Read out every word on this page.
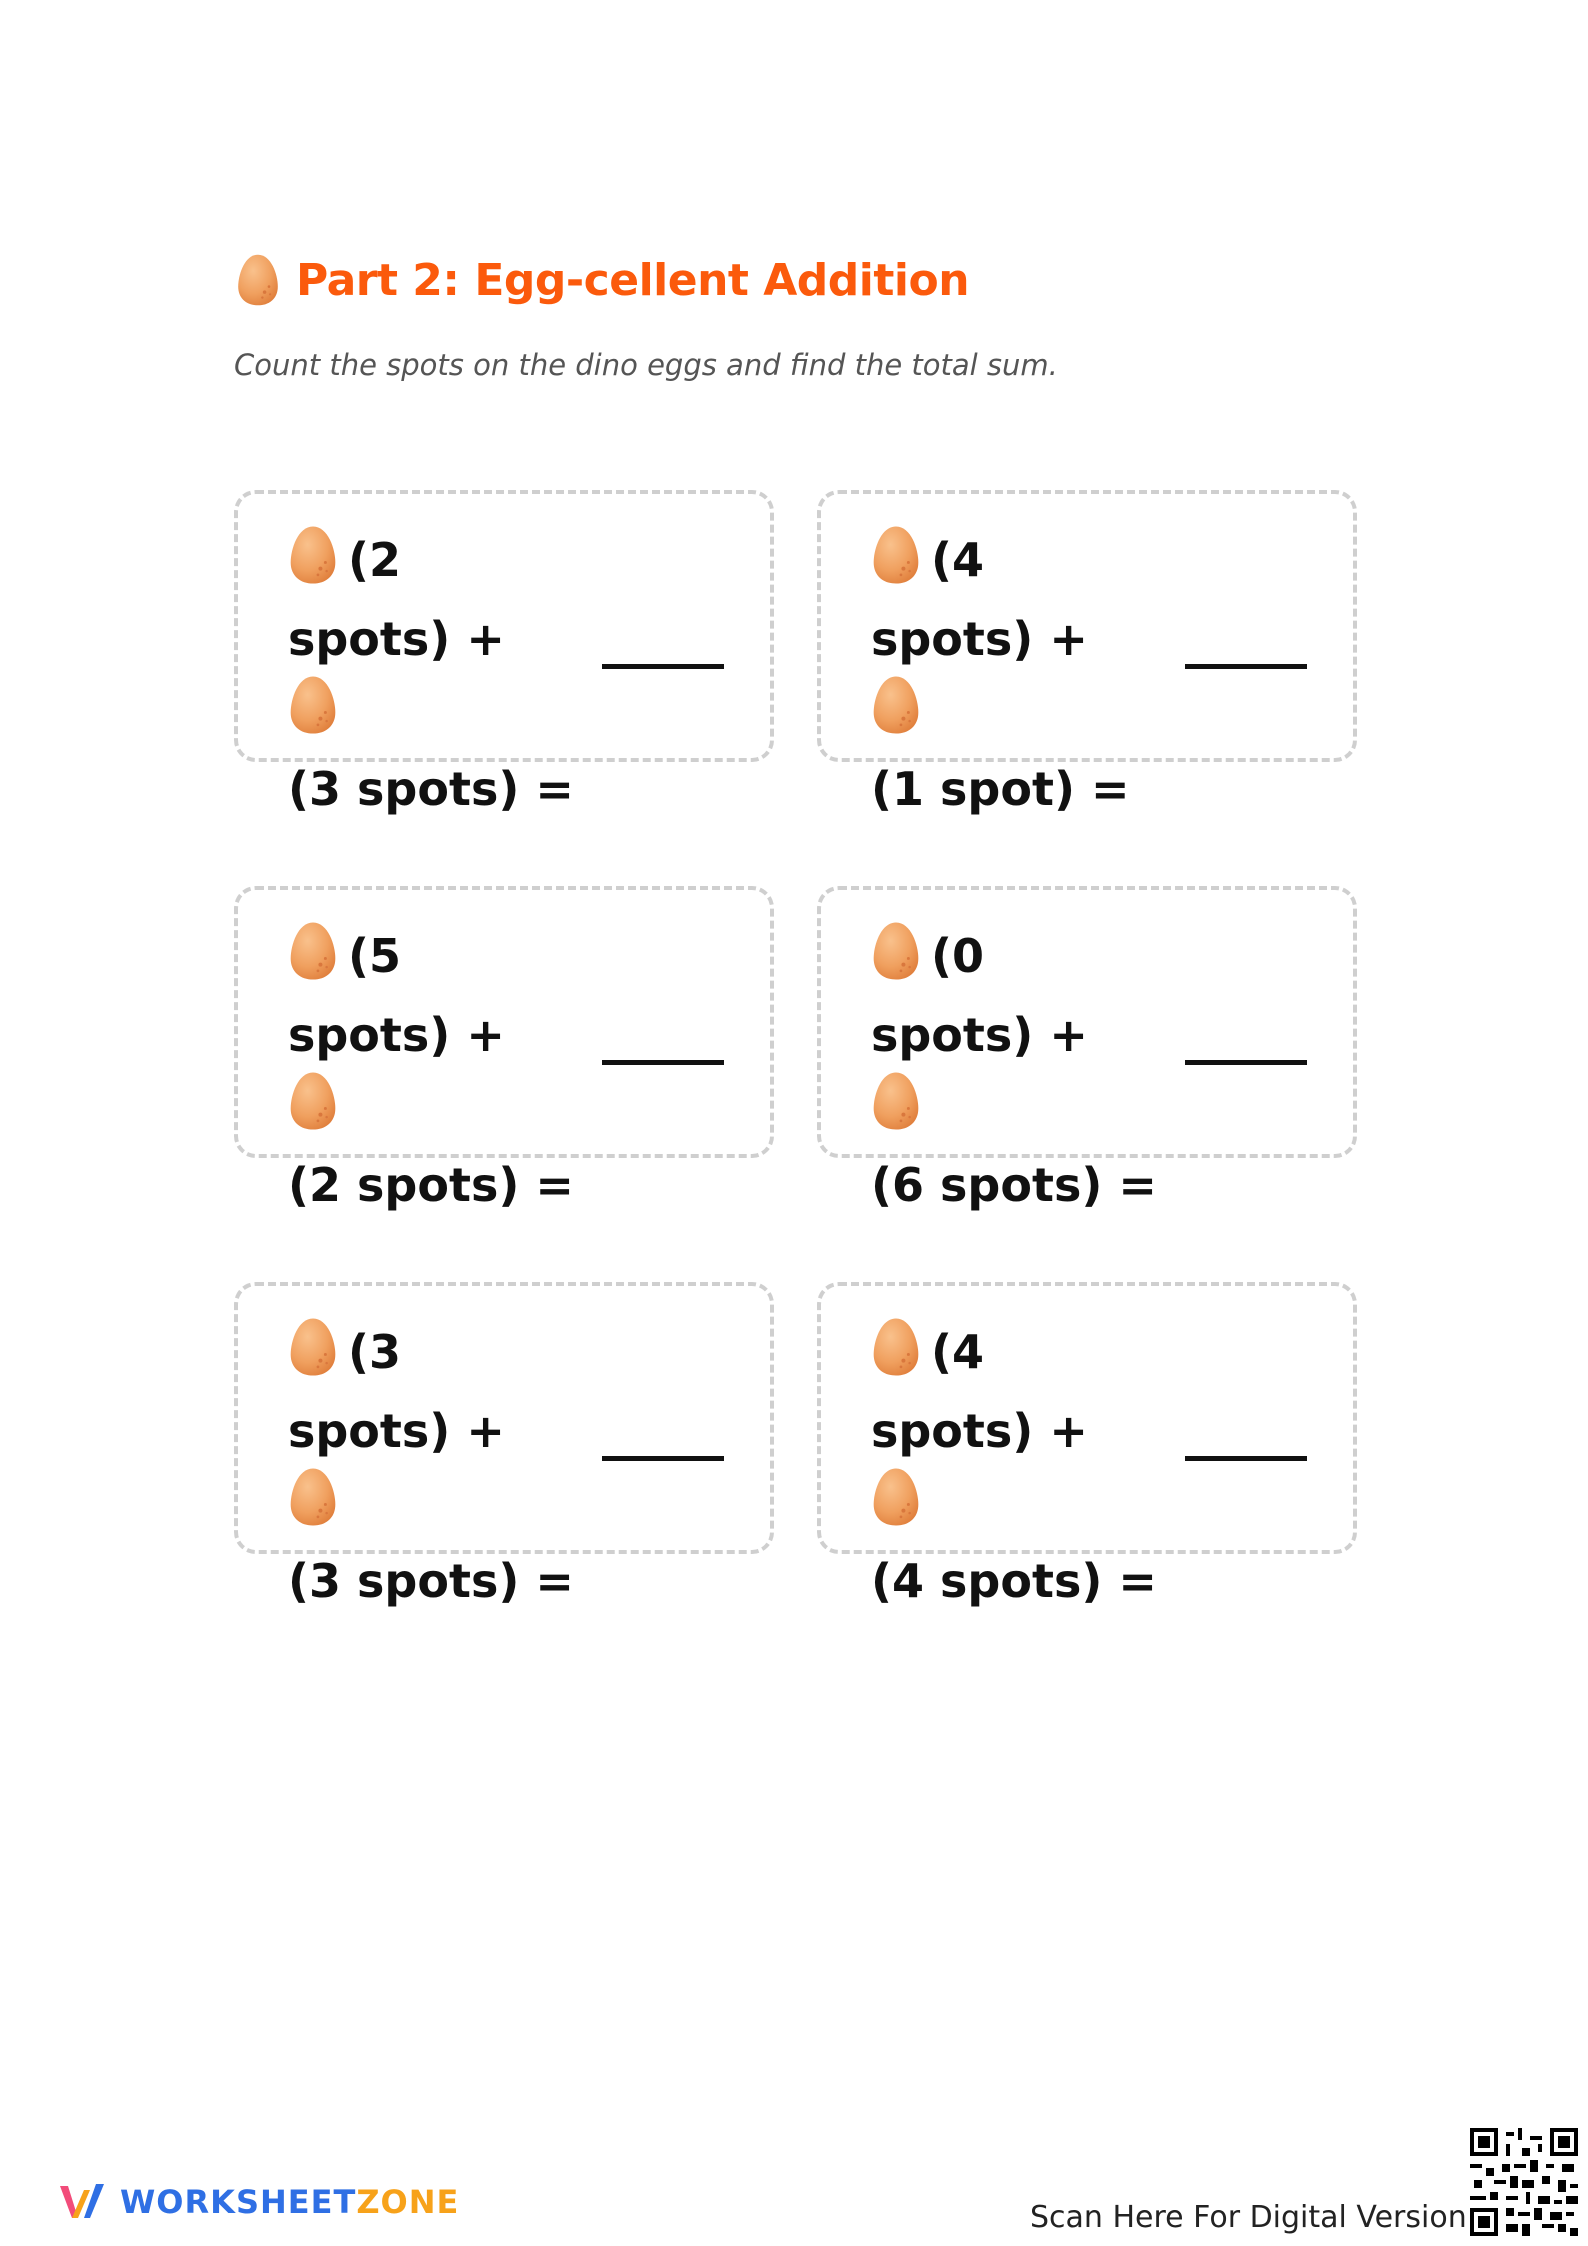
Part 2: Egg-cellent Addition
Count the spots on the dino eggs and find the total sum.
(2
spots) +
(3 spots) =
(4
spots) +
(1 spot) =
(5
spots) +
(2 spots) =
(0
spots) +
(6 spots) =
(3
spots) +
(3 spots) =
(4
spots) +
(4 spots) =
WORKSHEETZONE	Scan Here For Digital Version
